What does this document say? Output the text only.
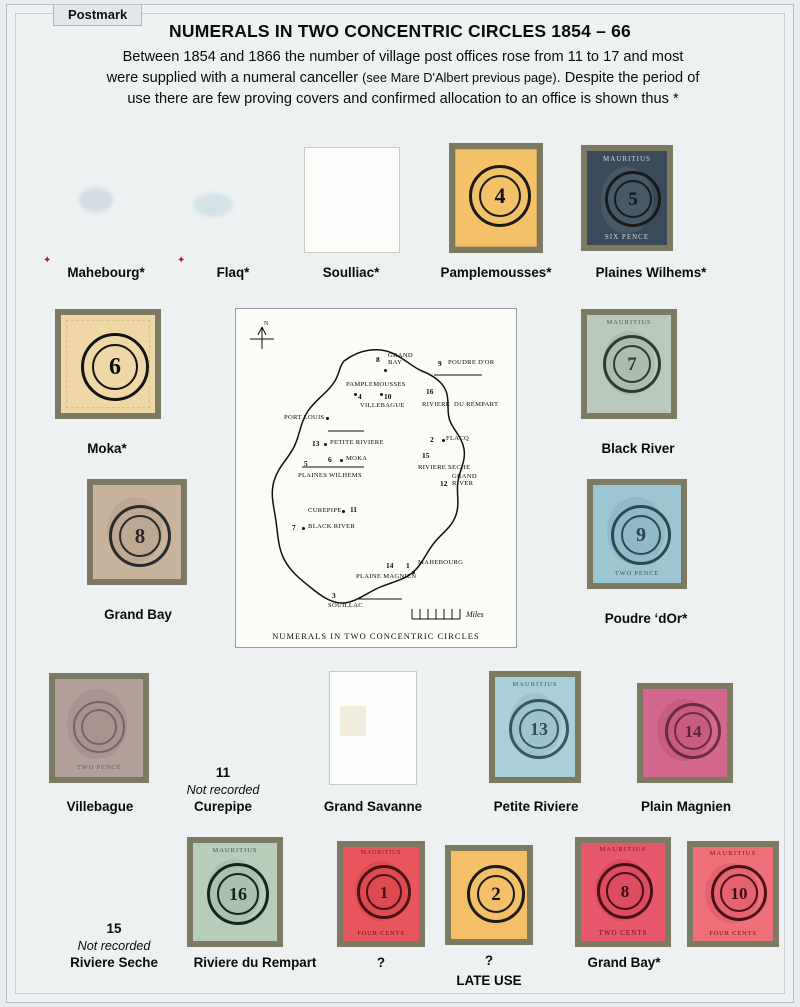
Postmark
NUMERALS IN TWO CONCENTRIC CIRCLES 1854 – 66
Between 1854 and 1866 the number of village post offices rose from 11 to 17 and most
were supplied with a numeral canceller (see Mare D'Albert previous page). Despite the period of
use there are few proving covers and confirmed allocation to an office is shown thus *
✦	✦
4
MAURITIUS
SIX PENCE
5
Mahebourg*	Flaq*	Soulliac*	Pamplemousses*	Plaines Wilhems*
6
Moka*
8
Grand Bay
TWO PENCE
Villebague
MAURITIUS
7
Black River
TWO PENCE
9
Poudre ‘dOr*
N
Miles
8 GRAND
BAY	9 POUDRE D'OR
PAMPLEMOUSSES
4	10
VILLEBAGUE
16
RIVIERE  DU REMPART
PORT LOUIS
13 PETITE RIVIERE
6 MOKA
2 FLACQ
15
RIVIERE SECHE
PLAINES WILHEMS
5
12
GRAND
RIVER
CUREPIPE 11
7 BLACK RIVER
14 1 MAHEBOURG
PLAINE MAGNIEN
3
SOUILLAC
NUMERALS IN TWO CONCENTRIC CIRCLES
11
Not recorded
Curepipe	Grand Savanne
MAURITIUS
13
Petite Riviere
14
Plain Magnien
15
Not recorded
Riviere Seche
MAURITIUS
16
Riviere du Rempart
MAURITIUS
FOUR CENTS
1
?
2
?
LATE USE
MAURITIUS
TWO CENTS
8
Grand Bay*
MAURITIUS
FOUR CENTS
10
